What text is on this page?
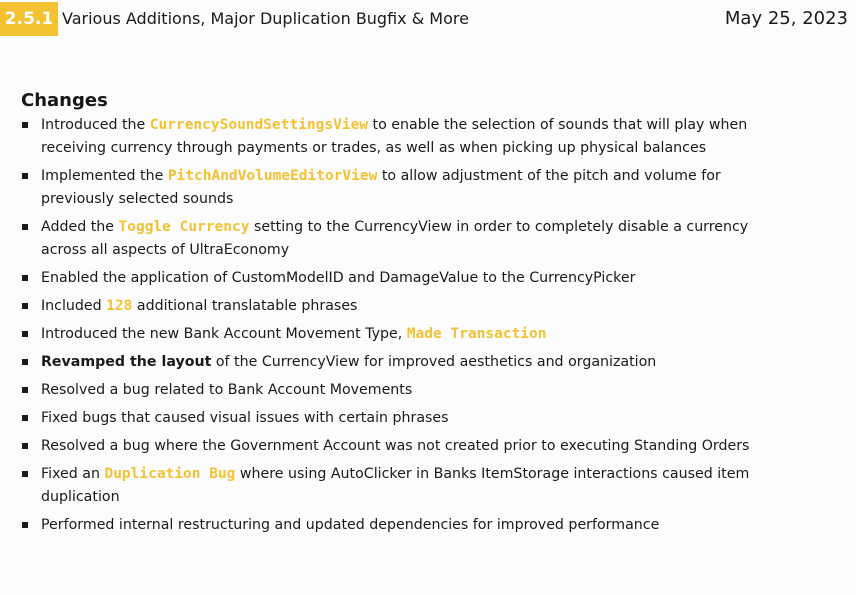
2.5.1 Various Additions, Major Duplication Bugfix & More	May 25, 2023
Changes
Introduced the CurrencySoundSettingsView to enable the selection of sounds that will play when receiving currency through payments or trades, as well as when picking up physical balances
Implemented the PitchAndVolumeEditorView to allow adjustment of the pitch and volume for previously selected sounds
Added the Toggle Currency setting to the CurrencyView in order to completely disable a currency across all aspects of UltraEconomy
Enabled the application of CustomModelID and DamageValue to the CurrencyPicker
Included 128 additional translatable phrases
Introduced the new Bank Account Movement Type, Made Transaction
Revamped the layout of the CurrencyView for improved aesthetics and organization
Resolved a bug related to Bank Account Movements
Fixed bugs that caused visual issues with certain phrases
Resolved a bug where the Government Account was not created prior to executing Standing Orders
Fixed an Duplication Bug where using AutoClicker in Banks ItemStorage interactions caused item duplication
Performed internal restructuring and updated dependencies for improved performance
